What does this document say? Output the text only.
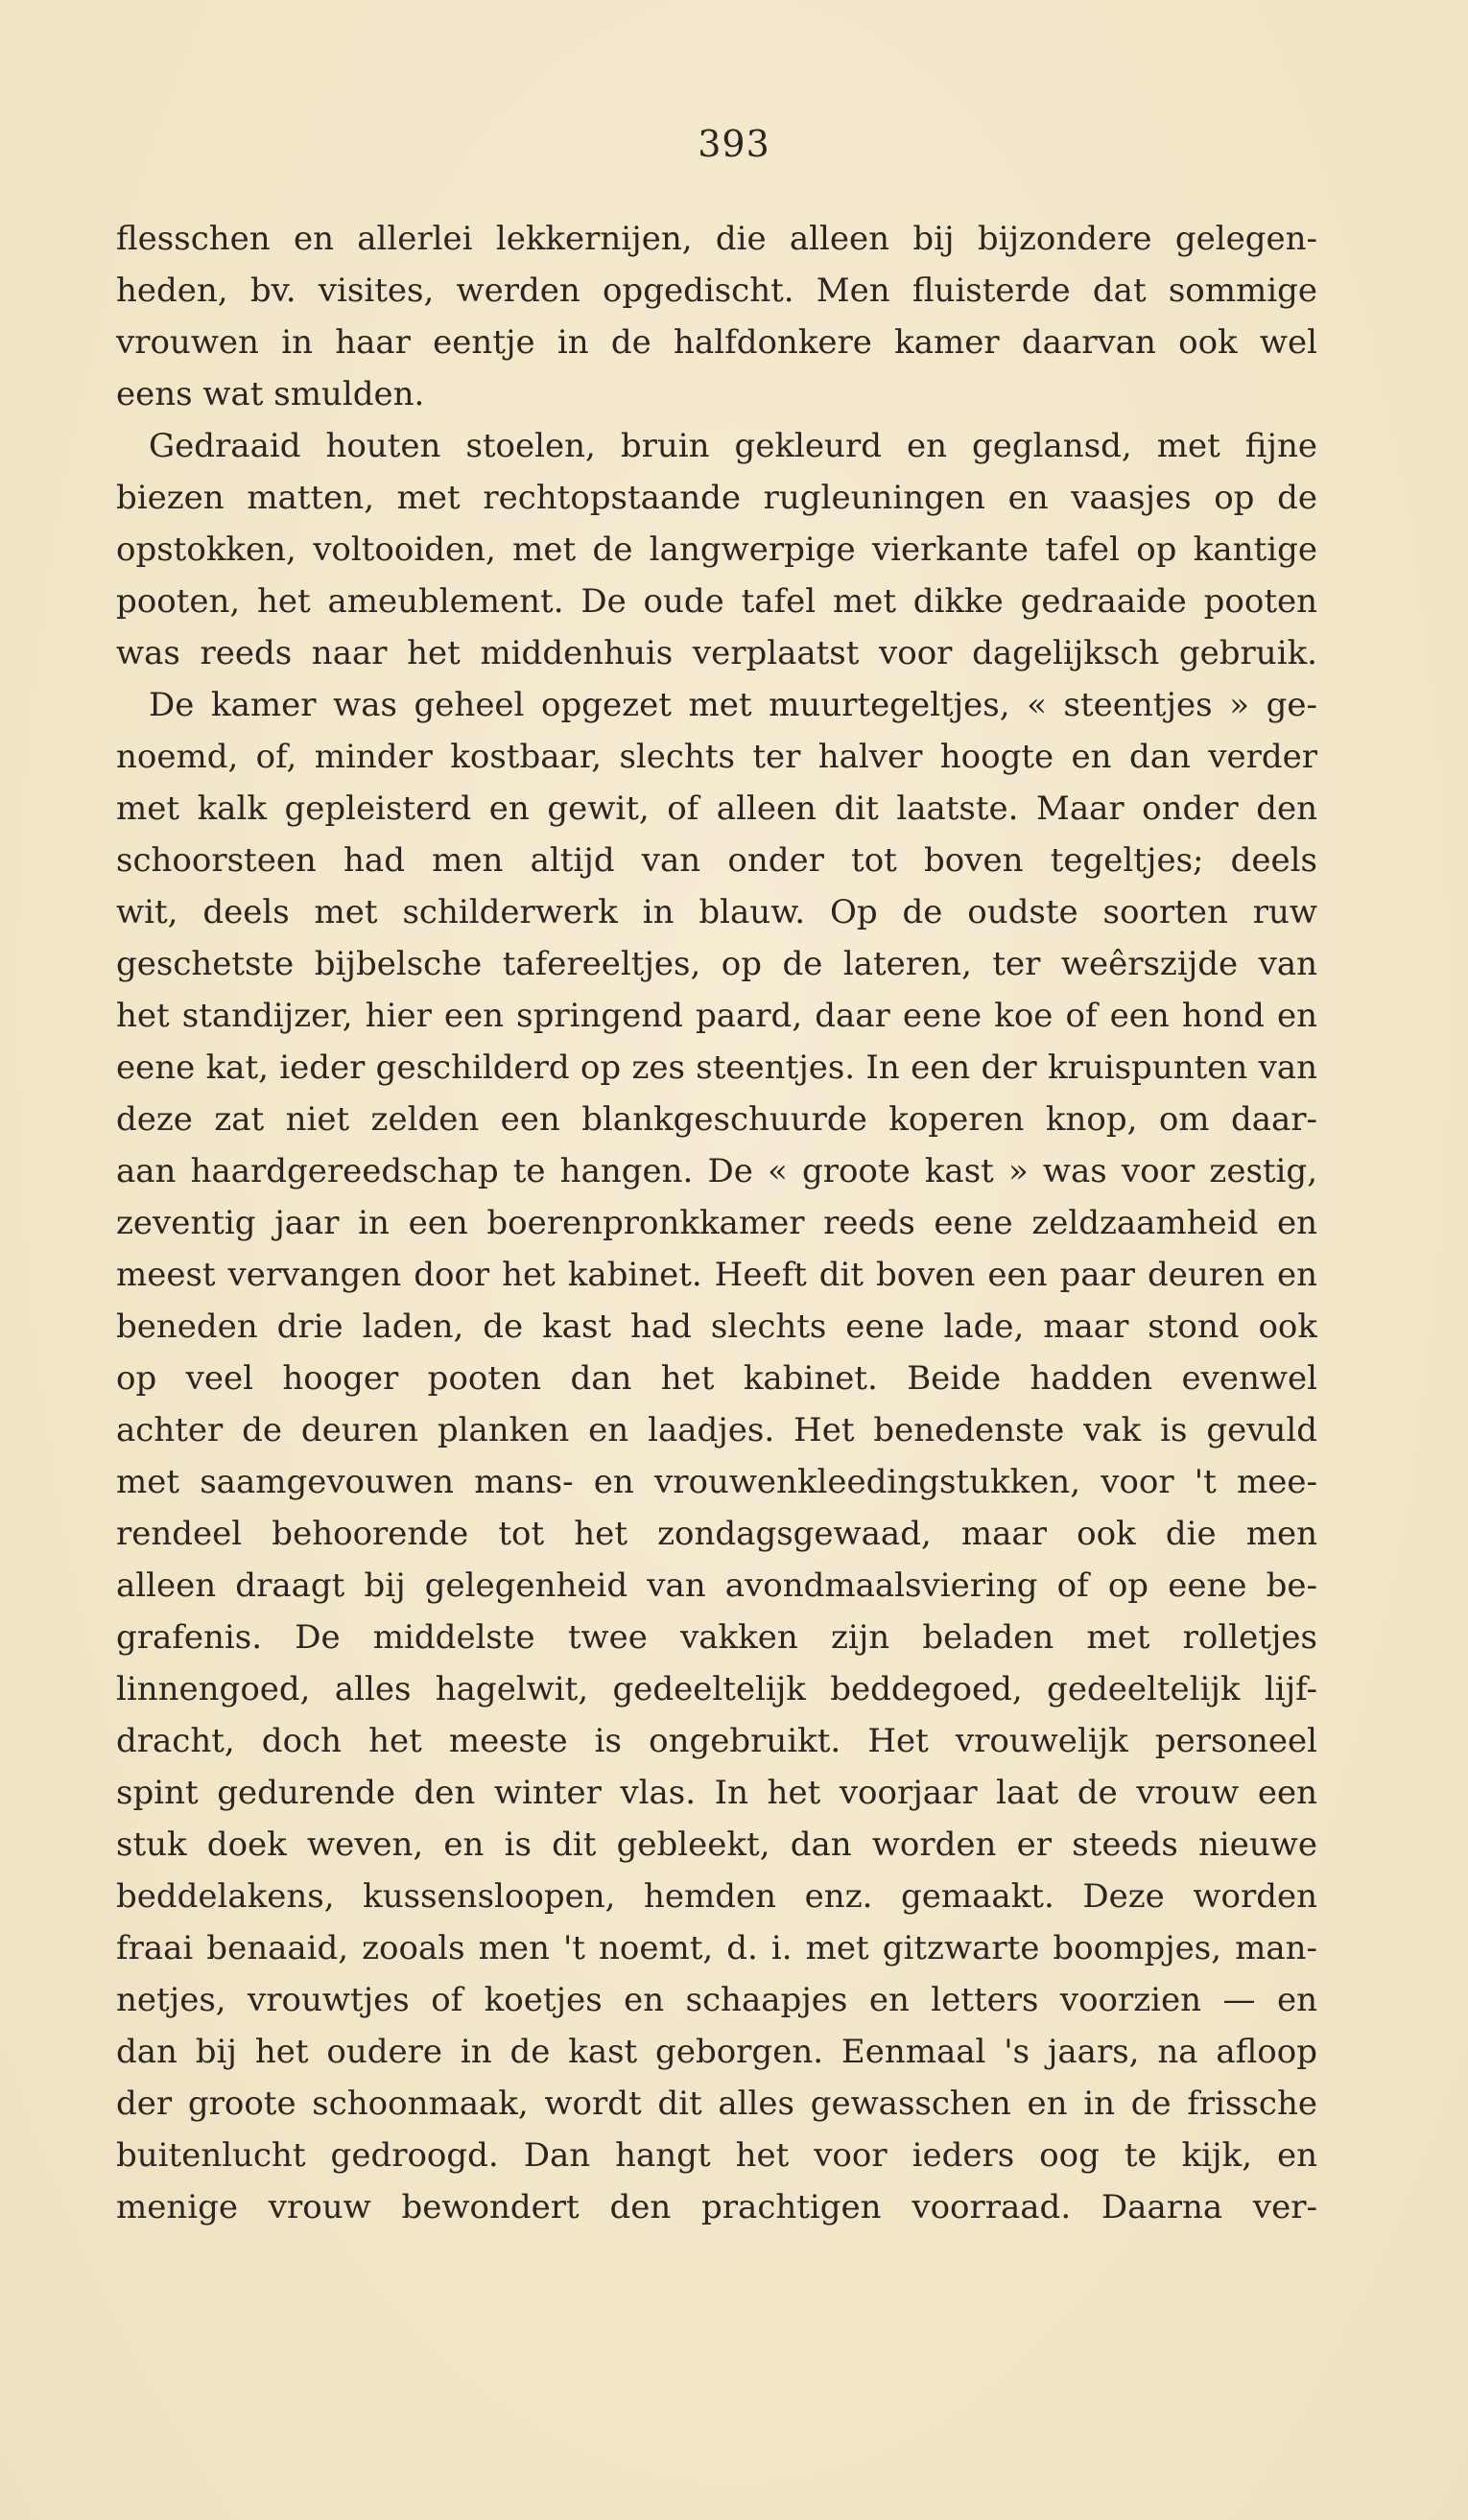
393
flesschen en allerlei lekkernijen, die alleen bij bijzondere gelegen-
heden, bv. visites, werden opgedischt. Men fluisterde dat sommige
vrouwen in haar eentje in de halfdonkere kamer daarvan ook wel
eens wat smulden.
Gedraaid houten stoelen, bruin gekleurd en geglansd, met fijne
biezen matten, met rechtopstaande rugleuningen en vaasjes op de
opstokken, voltooiden, met de langwerpige vierkante tafel op kantige
pooten, het ameublement. De oude tafel met dikke gedraaide pooten
was reeds naar het middenhuis verplaatst voor dagelijksch gebruik.
De kamer was geheel opgezet met muurtegeltjes, « steentjes » ge-
noemd, of, minder kostbaar, slechts ter halver hoogte en dan verder
met kalk gepleisterd en gewit, of alleen dit laatste. Maar onder den
schoorsteen had men altijd van onder tot boven tegeltjes; deels
wit, deels met schilderwerk in blauw. Op de oudste soorten ruw
geschetste bijbelsche tafereeltjes, op de lateren, ter weêrszijde van
het standijzer, hier een springend paard, daar eene koe of een hond en
eene kat, ieder geschilderd op zes steentjes. In een der kruispunten van
deze zat niet zelden een blankgeschuurde koperen knop, om daar-
aan haardgereedschap te hangen. De « groote kast » was voor zestig,
zeventig jaar in een boerenpronkkamer reeds eene zeldzaamheid en
meest vervangen door het kabinet. Heeft dit boven een paar deuren en
beneden drie laden, de kast had slechts eene lade, maar stond ook
op veel hooger pooten dan het kabinet. Beide hadden evenwel
achter de deuren planken en laadjes. Het benedenste vak is gevuld
met saamgevouwen mans- en vrouwenkleedingstukken, voor 't mee-
rendeel behoorende tot het zondagsgewaad, maar ook die men
alleen draagt bij gelegenheid van avondmaalsviering of op eene be-
grafenis. De middelste twee vakken zijn beladen met rolletjes
linnengoed, alles hagelwit, gedeeltelijk beddegoed, gedeeltelijk lijf-
dracht, doch het meeste is ongebruikt. Het vrouwelijk personeel
spint gedurende den winter vlas. In het voorjaar laat de vrouw een
stuk doek weven, en is dit gebleekt, dan worden er steeds nieuwe
beddelakens, kussensloopen, hemden enz. gemaakt. Deze worden
fraai benaaid, zooals men 't noemt, d. i. met gitzwarte boompjes, man-
netjes, vrouwtjes of koetjes en schaapjes en letters voorzien — en
dan bij het oudere in de kast geborgen. Eenmaal 's jaars, na afloop
der groote schoonmaak, wordt dit alles gewasschen en in de frissche
buitenlucht gedroogd. Dan hangt het voor ieders oog te kijk, en
menige vrouw bewondert den prachtigen voorraad. Daarna ver-
